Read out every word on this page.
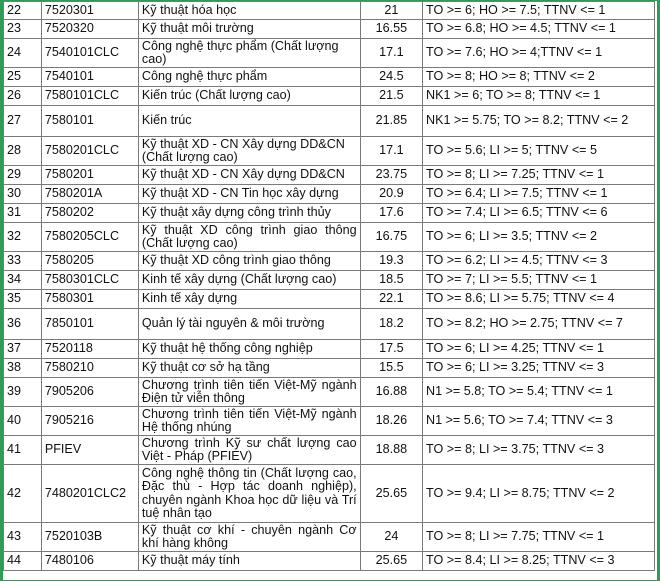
22	7520301	Kỹ thuật hóa học	21	TO >= 6; HO >= 7.5; TTNV <= 1
23	7520320	Kỹ thuật môi trường	16.55	TO >= 6.8; HO >= 4.5; TTNV <= 1
24	7540101CLC	Công nghệ thực phẩm (Chất lượng cao)	17.1	TO >= 7.6; HO >= 4;TTNV <= 1
25	7540101	Công nghệ thực phẩm	24.5	TO >= 8; HO >= 8; TTNV <= 2
26	7580101CLC	Kiến trúc (Chất lượng cao)	21.5	NK1 >= 6; TO >= 8; TTNV <= 1
27	7580101	Kiến trúc	21.85	NK1 >= 5.75; TO >= 8.2; TTNV <= 2
28	7580201CLC	Kỹ thuật XD - CN Xây dựng DD&CN (Chất lượng cao)	17.1	TO >= 5.6; LI >= 5; TTNV <= 5
29	7580201	Kỹ thuật XD - CN Xây dựng DD&CN	23.75	TO >= 8; LI >= 7.25; TTNV <= 1
30	7580201A	Kỹ thuật XD - CN Tin học xây dựng	20.9	TO >= 6.4; LI >= 7.5; TTNV <= 1
31	7580202	Kỹ thuật xây dựng công trình thủy	17.6	TO >= 7.4; LI >= 6.5; TTNV <= 6
32	7580205CLC	Kỹ thuật XD công trình giao thông (Chất lượng cao)	16.75	TO >= 6; LI >= 3.5; TTNV <= 2
33	7580205	Kỹ thuật XD công trình giao thông	19.3	TO >= 6.2; LI >= 4.5; TTNV <= 3
34	7580301CLC	Kinh tế xây dựng (Chất lượng cao)	18.5	TO >= 7; LI >= 5.5; TTNV <= 1
35	7580301	Kinh tế xây dựng	22.1	TO >= 8.6; LI >= 5.75; TTNV <= 4
36	7850101	Quản lý tài nguyên & môi trường	18.2	TO >= 8.2; HO >= 2.75; TTNV <= 7
37	7520118	Kỹ thuật hệ thống công nghiệp	17.5	TO >= 6; LI >= 4.25; TTNV <= 1
38	7580210	Kỹ thuật cơ sở hạ tầng	15.5	TO >= 6; LI >= 3.25; TTNV <= 3
39	7905206	Chương trình tiên tiến Việt-Mỹ ngành Điện tử viễn thông	16.88	N1 >= 5.8; TO >= 5.4; TTNV <= 1
40	7905216	Chương trình tiên tiến Việt-Mỹ ngành Hệ thống nhúng	18.26	N1 >= 5.6; TO >= 7.4; TTNV <= 3
41	PFIEV	Chương trình Kỹ sư chất lượng cao Việt - Pháp (PFIEV)	18.88	TO >= 8; LI >= 3.75; TTNV <= 3
42	7480201CLC2	Công nghệ thông tin (Chất lượng cao, Đặc thù - Hợp tác doanh nghiệp), chuyên ngành Khoa học dữ liệu và Trí tuệ nhân tạo	25.65	TO >= 9.4; LI >= 8.75; TTNV <= 2
43	7520103B	Kỹ thuật cơ khí - chuyên ngành Cơ khí hàng không	24	TO >= 8; LI >= 7.75; TTNV <= 1
44	7480106	Kỹ thuật máy tính	25.65	TO >= 8.4; LI >= 8.25; TTNV <= 3
